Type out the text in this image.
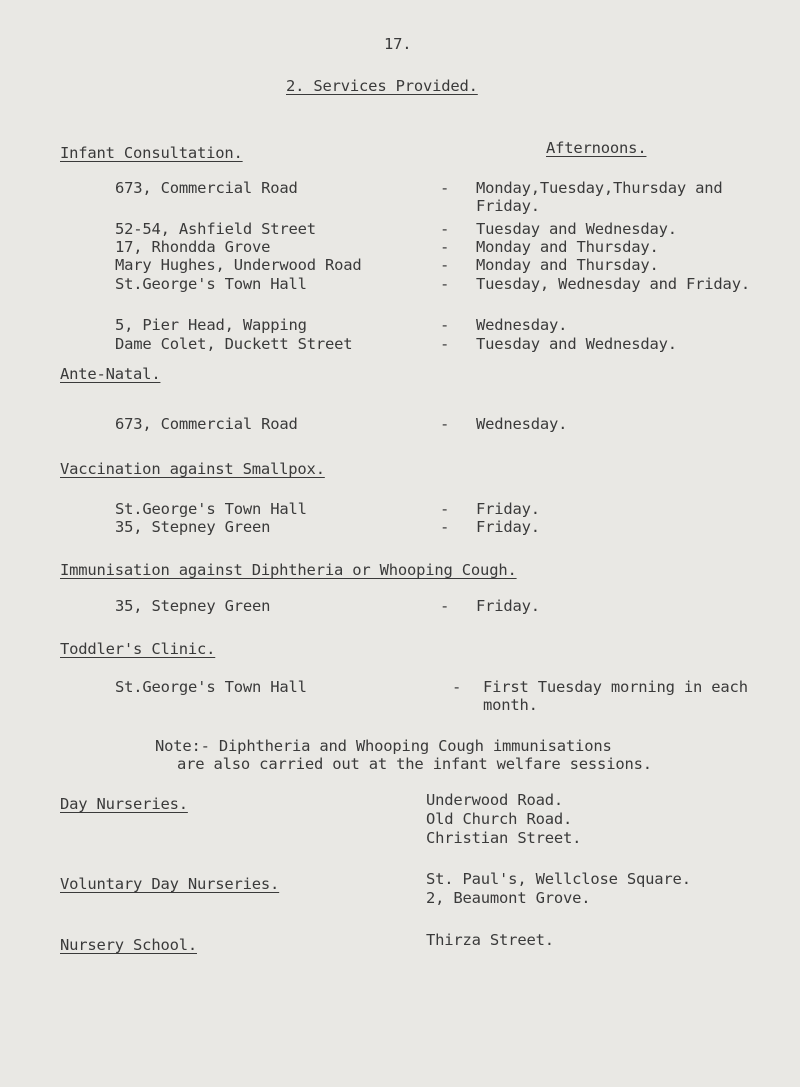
17.
2. Services Provided.
Infant Consultation.	Afternoons.
673, Commercial Road	- Monday,Tuesday,Thursday and Friday.
52-54, Ashfield Street	- Tuesday and Wednesday.
17, Rhondda Grove	- Monday and Thursday.
Mary Hughes, Underwood Road	- Monday and Thursday.
St.George's Town Hall	- Tuesday, Wednesday and Friday.
5, Pier Head, Wapping	- Wednesday.
Dame Colet, Duckett Street	- Tuesday and Wednesday.
Ante-Natal.
673, Commercial Road	- Wednesday.
Vaccination against Smallpox.
St.George's Town Hall	- Friday.
35, Stepney Green	- Friday.
Immunisation against Diphtheria or Whooping Cough.
35, Stepney Green	- Friday.
Toddler's Clinic.
St.George's Town Hall	- First Tuesday morning in each month.
Note:- Diphtheria and Whooping Cough immunisations
are also carried out at the infant welfare sessions.
Day Nurseries.	Underwood Road.
Old Church Road.
Christian Street.
Voluntary Day Nurseries.	St. Paul's, Wellclose Square.
2, Beaumont Grove.
Nursery School.	Thirza Street.
